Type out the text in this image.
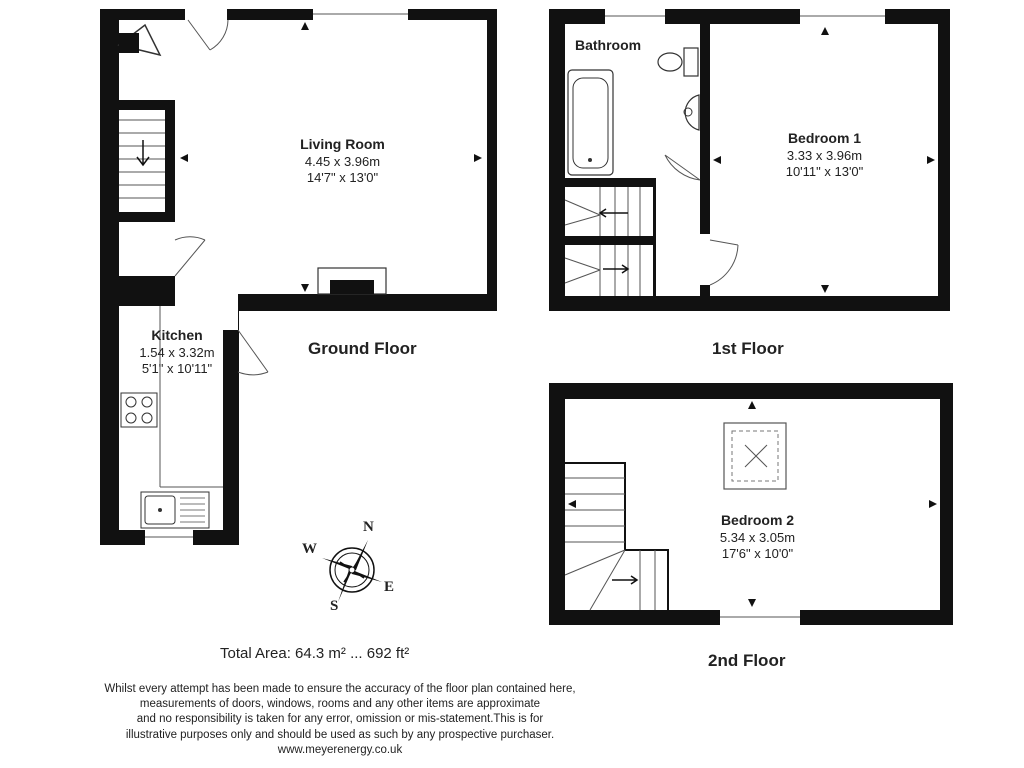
Living Room
4.45 x 3.96m
14'7" x 13'0"
Kitchen
1.54 x 3.32m
5'1" x 10'11"
Bathroom
Bedroom 1
3.33 x 3.96m
10'11" x 13'0"
Bedroom 2
5.34 x 3.05m
17'6" x 10'0"
Ground Floor	1st Floor
2nd Floor
N
W
E
S
Total Area: 64.3 m² ... 692 ft²
Whilst every attempt has been made to ensure the accuracy of the floor plan contained here,
measurements of doors, windows, rooms and any other items are approximate
and no responsibility is taken for any error, omission or mis-statement.This is for
illustrative purposes only and should be used as such by any prospective purchaser.
www.meyerenergy.co.uk
